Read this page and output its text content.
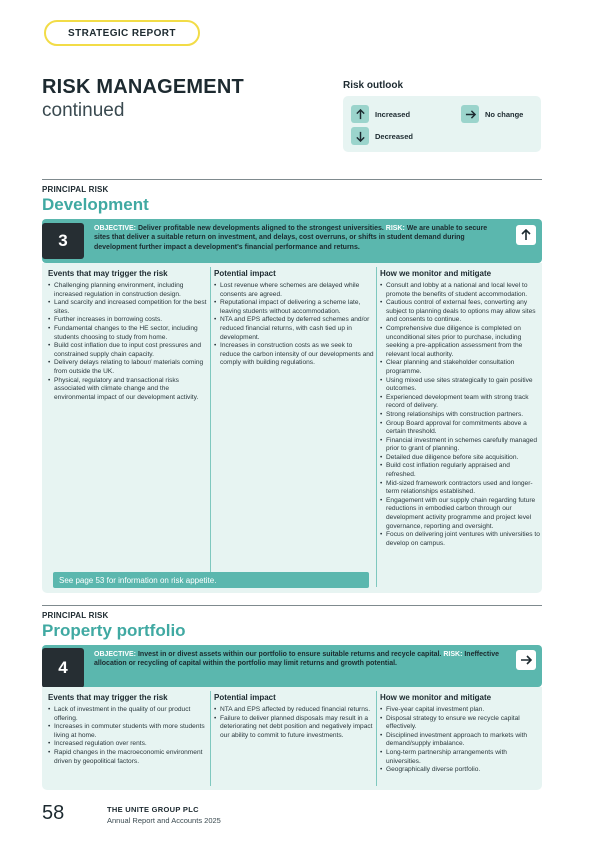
STRATEGIC REPORT
RISK MANAGEMENT
continued
Risk outlook
Increased	No change
Decreased
PRINCIPAL RISK
Development
3
OBJECTIVE: Deliver profitable new developments aligned to the strongest universities. RISK: We are unable to secure sites that deliver a suitable return on investment, and delays, cost overruns, or shifts in student demand during development further impact a development's financial performance and returns.
Events that may trigger the risk
• Challenging planning environment, including increased regulation in construction design.
• Land scarcity and increased competition for the best sites.
• Further increases in borrowing costs.
• Fundamental changes to the HE sector, including students choosing to study from home.
• Build cost inflation due to input cost pressures and constrained supply chain capacity.
• Delivery delays relating to labour/ materials coming from outside the UK.
• Physical, regulatory and transactional risks associated with climate change and the environmental impact of our development activity.
Potential impact
• Lost revenue where schemes are delayed while consents are agreed.
• Reputational impact of delivering a scheme late, leaving students without accommodation.
• NTA and EPS affected by deferred schemes and/or reduced financial returns, with cash tied up in development.
• Increases in construction costs as we seek to reduce the carbon intensity of our developments and comply with building regulations.
How we monitor and mitigate
• Consult and lobby at a national and local level to promote the benefits of student accommodation.
• Cautious control of external fees, converting any subject to planning deals to options may allow sites and consents to continue.
• Comprehensive due diligence is completed on unconditional sites prior to purchase, including seeking a pre-application assessment from the relevant local authority.
• Clear planning and stakeholder consultation programme.
• Using mixed use sites strategically to gain positive outcomes.
• Experienced development team with strong track record of delivery.
• Strong relationships with construction partners.
• Group Board approval for commitments above a certain threshold.
• Financial investment in schemes carefully managed prior to grant of planning.
• Detailed due diligence before site acquisition.
• Build cost inflation regularly appraised and refreshed.
• Mid-sized framework contractors used and longer-term relationships established.
• Engagement with our supply chain regarding future reductions in embodied carbon through our development activity programme and project level governance, reporting and oversight.
• Focus on delivering joint ventures with universities to develop on campus.
See page 53 for information on risk appetite.
PRINCIPAL RISK
Property portfolio
4
OBJECTIVE: Invest in or divest assets within our portfolio to ensure suitable returns and recycle capital. RISK: Ineffective allocation or recycling of capital within the portfolio may limit returns and growth potential.
Events that may trigger the risk
• Lack of investment in the quality of our product offering.
• Increases in commuter students with more students living at home.
• Increased regulation over rents.
• Rapid changes in the macroeconomic environment driven by geopolitical factors.
Potential impact
• NTA and EPS affected by reduced financial returns.
• Failure to deliver planned disposals may result in a deteriorating net debt position and negatively impact our ability to commit to future investments.
How we monitor and mitigate
• Five-year capital investment plan.
• Disposal strategy to ensure we recycle capital effectively.
• Disciplined investment approach to markets with demand/supply imbalance.
• Long-term partnership arrangements with universities.
• Geographically diverse portfolio.
58	THE UNITE GROUP PLC
Annual Report and Accounts 2025
